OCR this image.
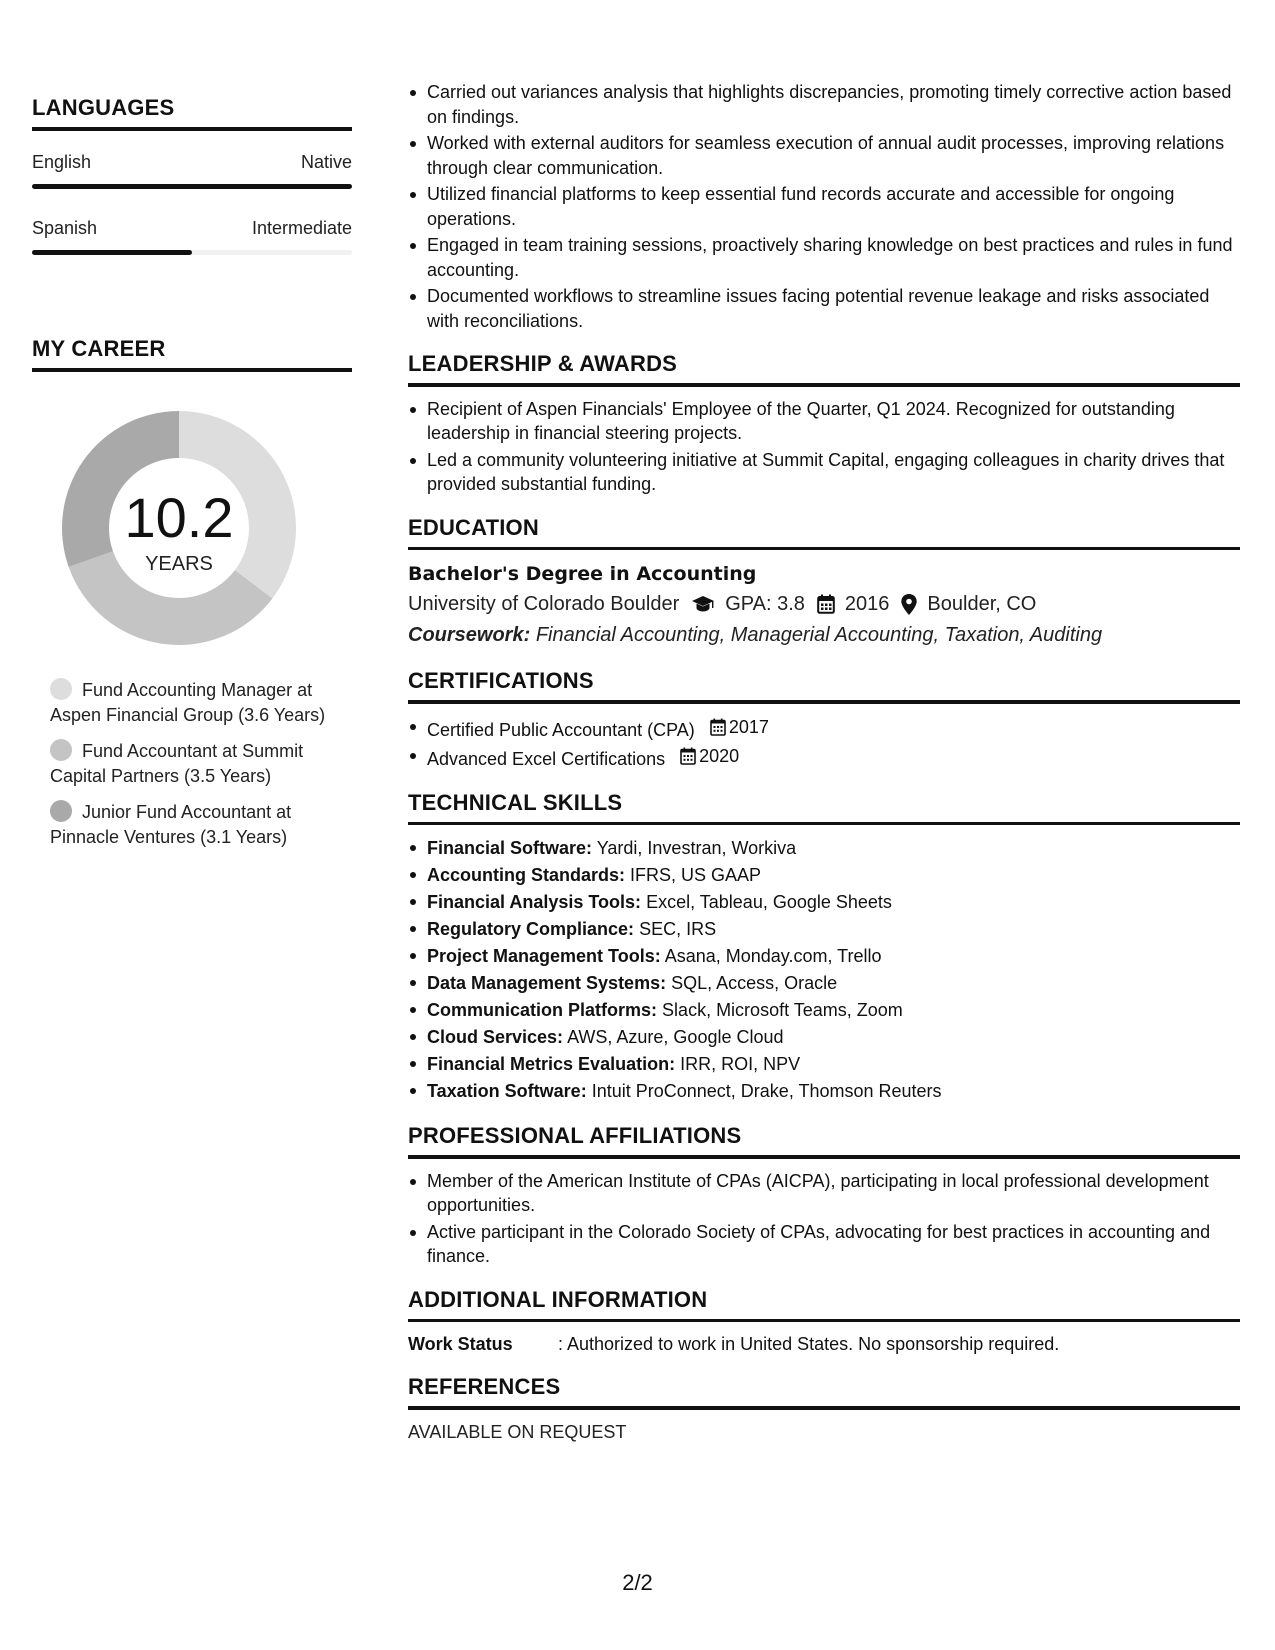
LANGUAGES
English	Native
Spanish	Intermediate
MY CAREER
10.2
YEARS
Fund Accounting Manager at Aspen Financial Group (3.6 Years)
Fund Accountant at Summit Capital Partners (3.5 Years)
Junior Fund Accountant at Pinnacle Ventures (3.1 Years)
Carried out variances analysis that highlights discrepancies, promoting timely corrective action based on findings.
Worked with external auditors for seamless execution of annual audit processes, improving relations through clear communication.
Utilized financial platforms to keep essential fund records accurate and accessible for ongoing operations.
Engaged in team training sessions, proactively sharing knowledge on best practices and rules in fund accounting.
Documented workflows to streamline issues facing potential revenue leakage and risks associated with reconciliations.
LEADERSHIP & AWARDS
Recipient of Aspen Financials' Employee of the Quarter, Q1 2024. Recognized for outstanding leadership in financial steering projects.
Led a community volunteering initiative at Summit Capital, engaging colleagues in charity drives that provided substantial funding.
EDUCATION
Bachelor's Degree in Accounting
University of Colorado Boulder GPA: 3.8 2016 Boulder, CO
Coursework: Financial Accounting, Managerial Accounting, Taxation, Auditing
CERTIFICATIONS
Certified Public Accountant (CPA) 2017
Advanced Excel Certifications 2020
TECHNICAL SKILLS
Financial Software: Yardi, Investran, Workiva
Accounting Standards: IFRS, US GAAP
Financial Analysis Tools: Excel, Tableau, Google Sheets
Regulatory Compliance: SEC, IRS
Project Management Tools: Asana, Monday.com, Trello
Data Management Systems: SQL, Access, Oracle
Communication Platforms: Slack, Microsoft Teams, Zoom
Cloud Services: AWS, Azure, Google Cloud
Financial Metrics Evaluation: IRR, ROI, NPV
Taxation Software: Intuit ProConnect, Drake, Thomson Reuters
PROFESSIONAL AFFILIATIONS
Member of the American Institute of CPAs (AICPA), participating in local professional development opportunities.
Active participant in the Colorado Society of CPAs, advocating for best practices in accounting and finance.
ADDITIONAL INFORMATION
Work Status	: Authorized to work in United States. No sponsorship required.
REFERENCES
AVAILABLE ON REQUEST
2/2
